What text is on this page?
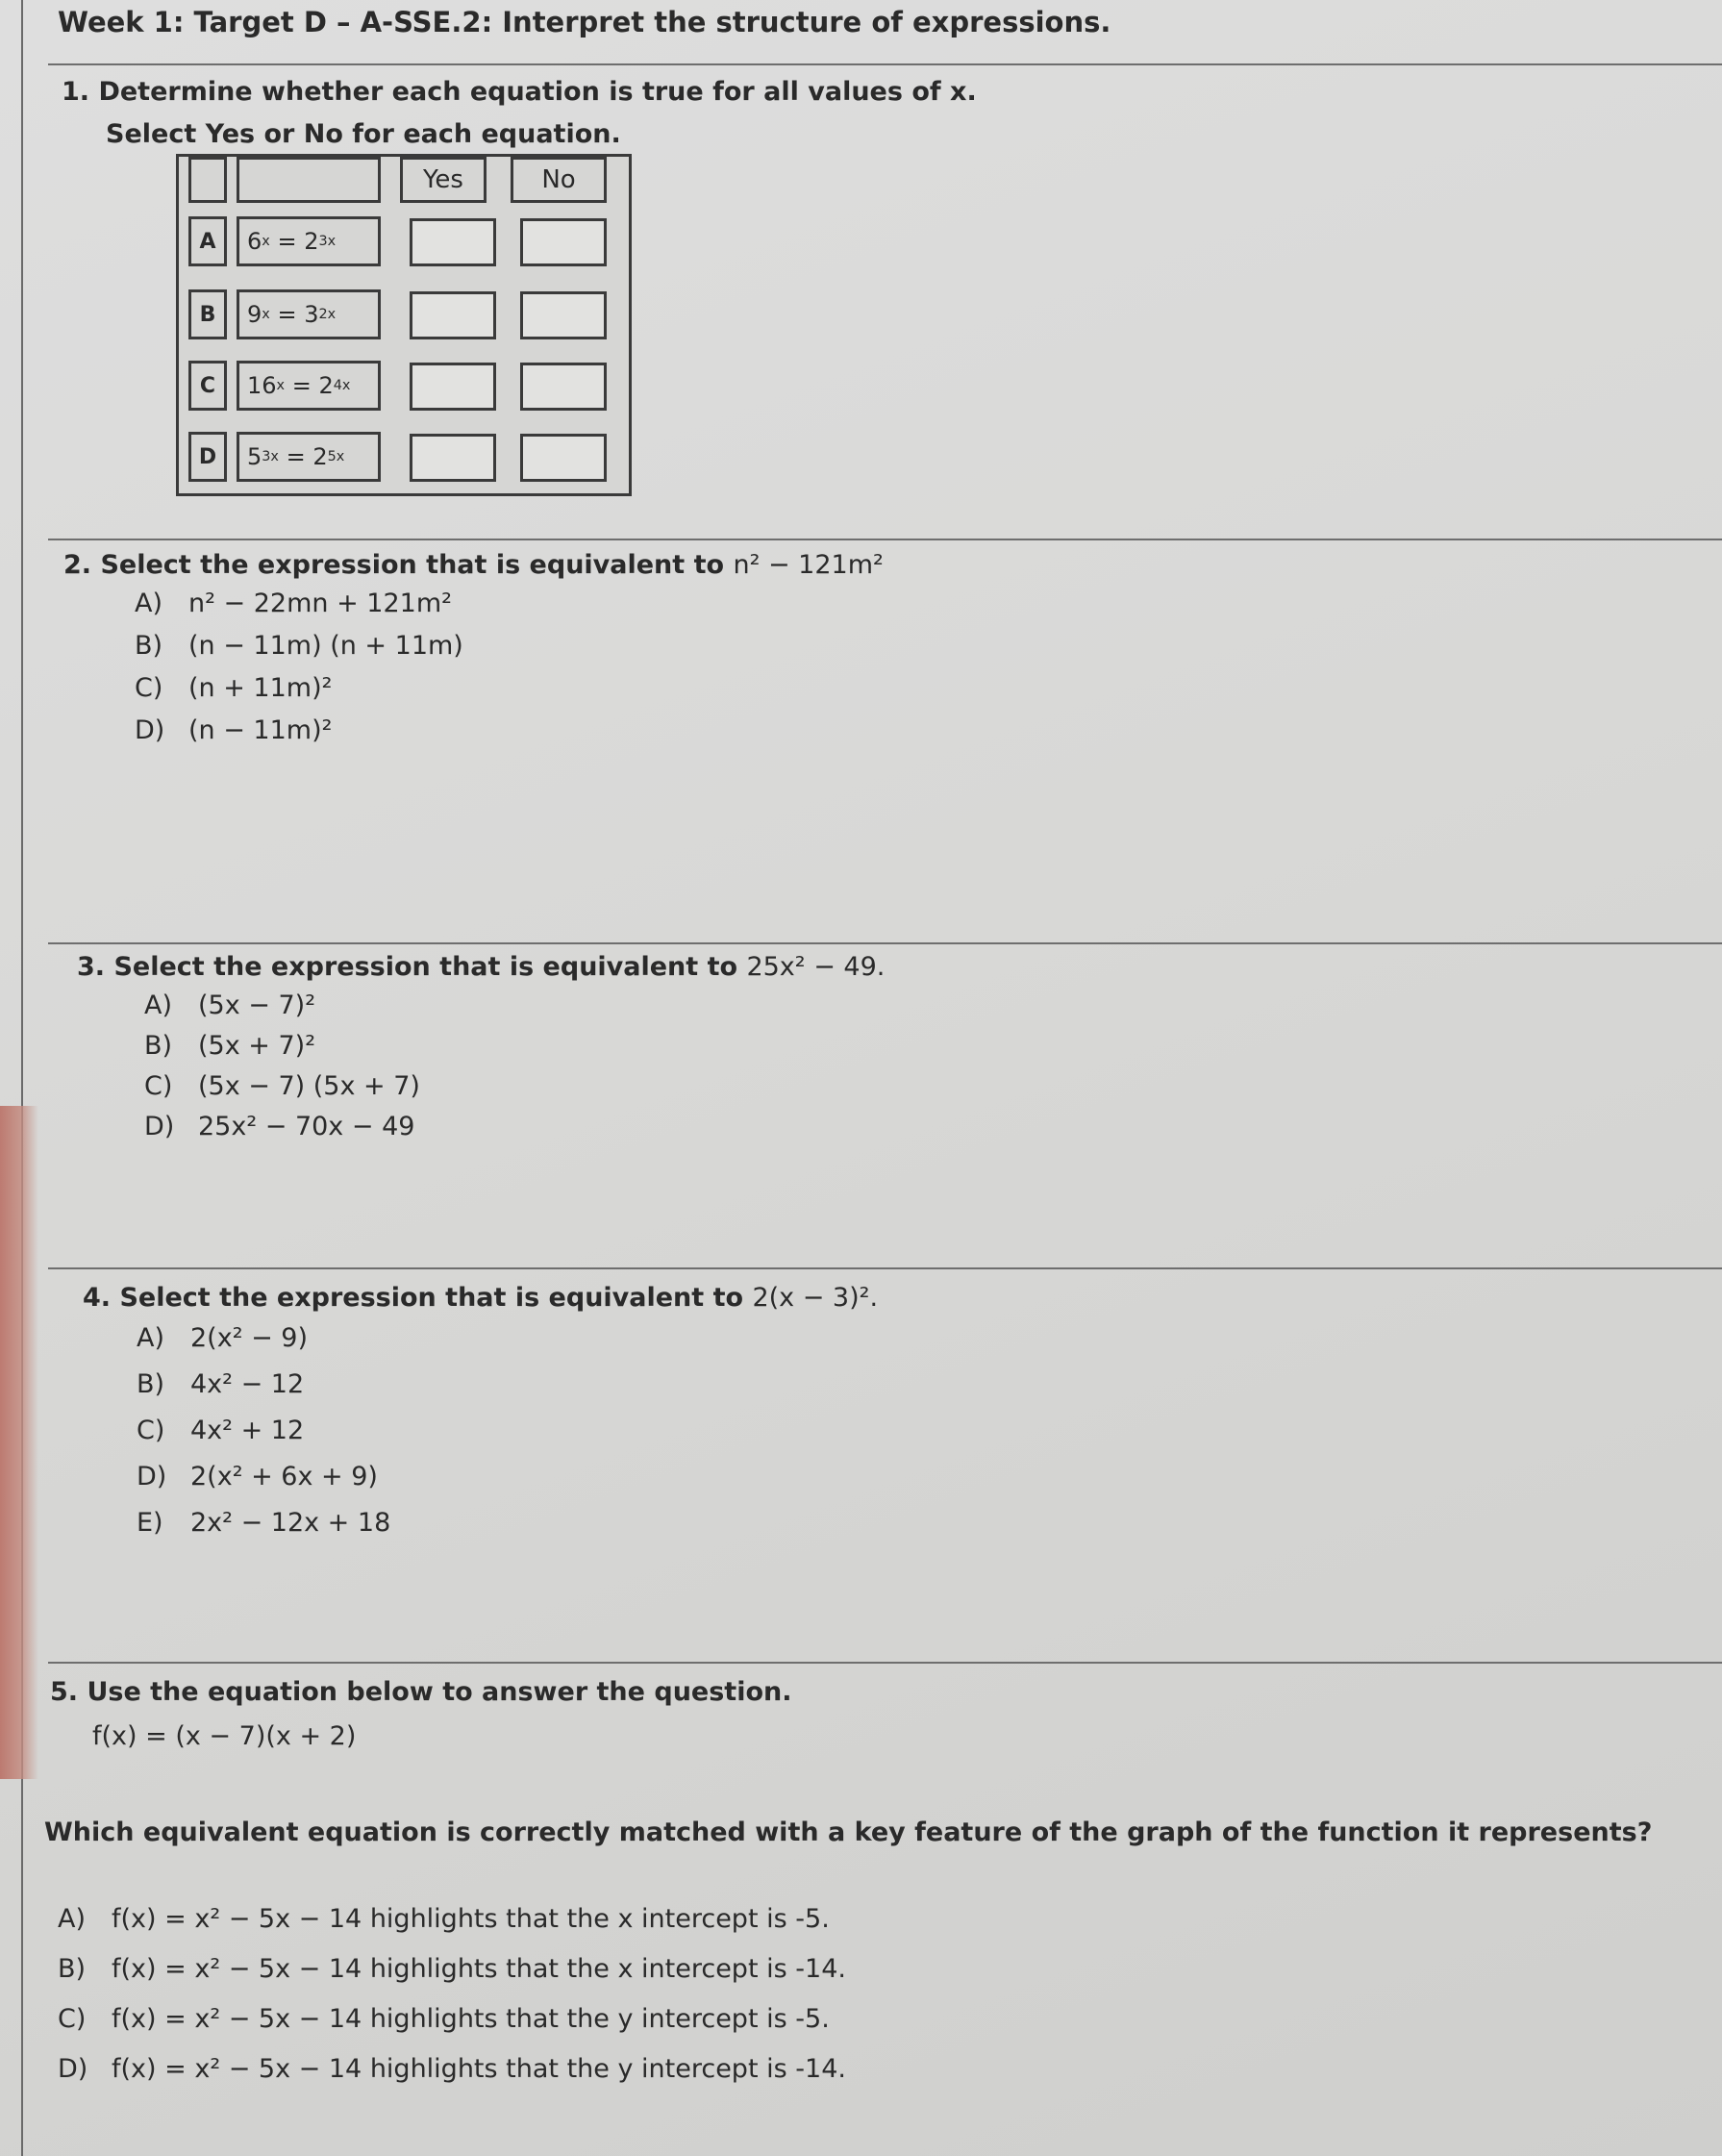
Week 1: Target D – A-SSE.2: Interpret the structure of expressions.
1. Determine whether each equation is true for all values of x.
Select Yes or No for each equation.
Yes	No
A	6 x = 2 3x
B	9 x = 3 2x
C	16 x = 2 4x
D	5 3x = 2 5x
2. Select the expression that is equivalent to n² − 121m²
A) n² − 22mn + 121m²
B) (n − 11m) (n + 11m)
C) (n + 11m)²
D) (n − 11m)²
3. Select the expression that is equivalent to 25x² − 49.
A) (5x − 7)²
B) (5x + 7)²
C) (5x − 7) (5x + 7)
D) 25x² − 70x − 49
4. Select the expression that is equivalent to 2(x − 3)².
A) 2(x² − 9)
B) 4x² − 12
C) 4x² + 12
D) 2(x² + 6x + 9)
E) 2x² − 12x + 18
5. Use the equation below to answer the question.
f(x) = (x − 7)(x + 2)
Which equivalent equation is correctly matched with a key feature of the graph of the function it represents?
A) f(x) = x² − 5x − 14 highlights that the x intercept is -5.
B) f(x) = x² − 5x − 14 highlights that the x intercept is -14.
C) f(x) = x² − 5x − 14 highlights that the y intercept is -5.
D) f(x) = x² − 5x − 14 highlights that the y intercept is -14.
